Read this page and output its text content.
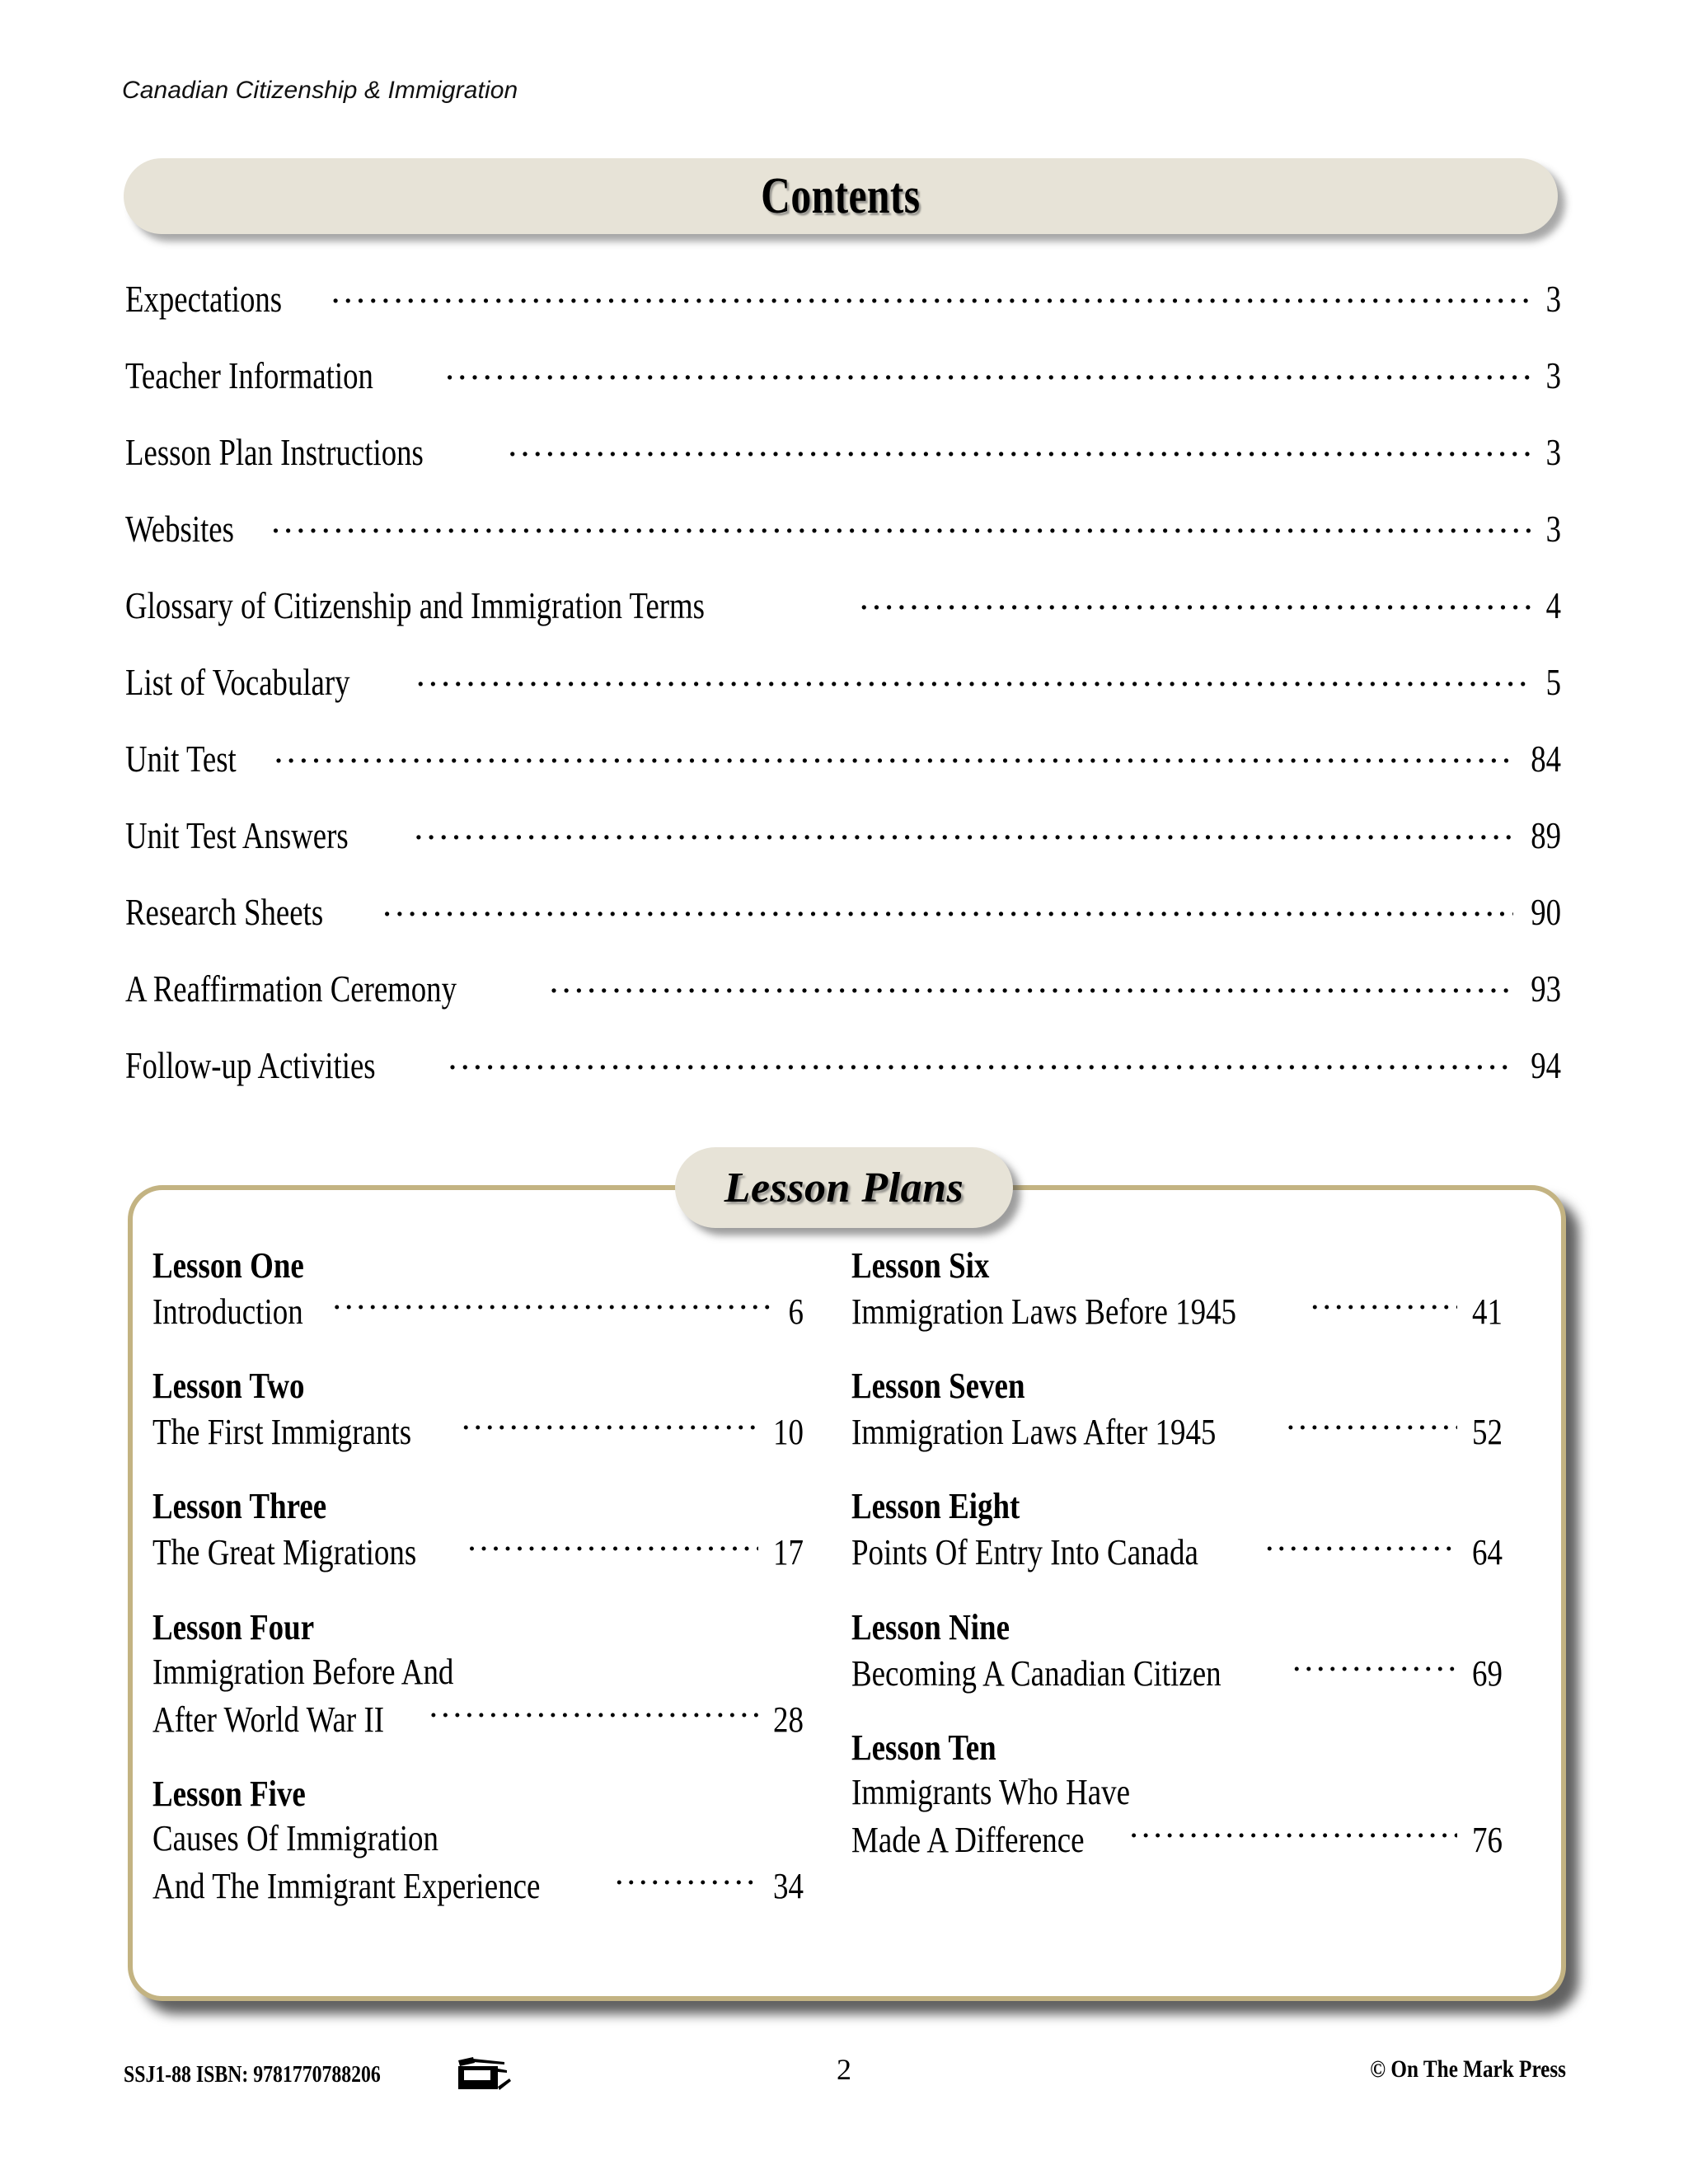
Canadian Citizenship & Immigration
Contents
Expectations .....	3
Teacher Information .....	3
Lesson Plan Instructions .....	3
Websites .....	3
Glossary of Citizenship and Immigration Terms .....	4
List of Vocabulary .....	5
Unit Test .....	84
Unit Test Answers .....	89
Research Sheets .....	90
A Reaffirmation Ceremony .....	93
Follow-up Activities .....	94
Lesson Plans
Lesson One
Introduction .....	6
Lesson Two
The First Immigrants .....	10
Lesson Three
The Great Migrations .....	17
Lesson Four
Immigration Before And
After World War II .....	28
Lesson Five
Causes Of Immigration
And The Immigrant Experience .....	34
Lesson Six
Immigration Laws Before 1945 .....	41
Lesson Seven
Immigration Laws After 1945 .....	52
Lesson Eight
Points Of Entry Into Canada .....	64
Lesson Nine
Becoming A Canadian Citizen .....	69
Lesson Ten
Immigrants Who Have
Made A Difference .....	76
SSJ1-88 ISBN: 9781770788206	2	© On The Mark Press
